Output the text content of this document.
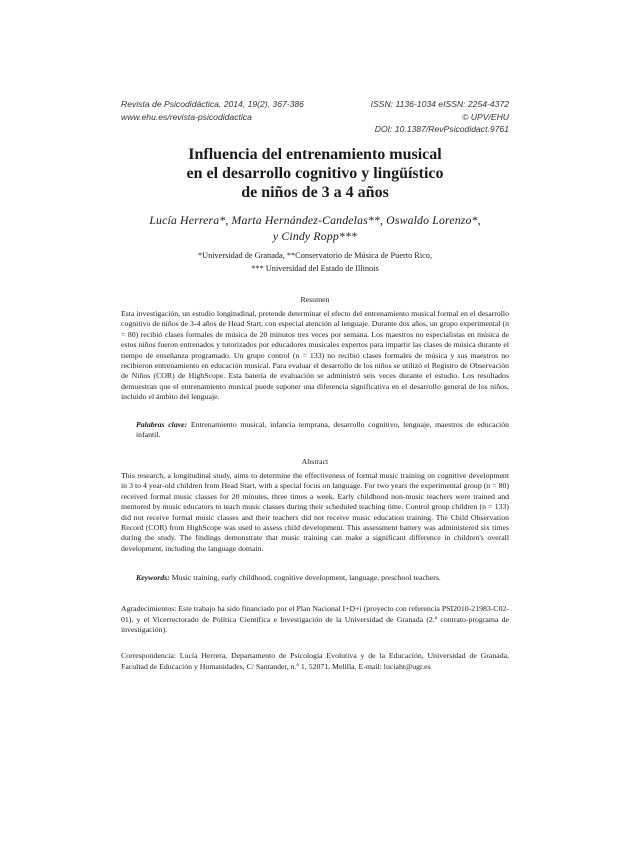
Revista de Psicodidáctica, 2014, 19(2), 367-386
www.ehu.es/revista-psicodidactica
ISSN: 1136-1034 eISSN: 2254-4372
© UPV/EHU
DOI: 10.1387/RevPsicodidact.9761
Influencia del entrenamiento musical
en el desarrollo cognitivo y lingüístico
de niños de 3 a 4 años
Lucía Herrera*, Marta Hernández-Candelas**, Oswaldo Lorenzo*,
y Cindy Ropp***
*Universidad de Granada, **Conservatorio de Música de Puerto Rico,
*** Universidad del Estado de Illinois
Resumen

Esta investigación, un estudio longitudinal, pretende determinar el efecto del entrenamiento musical formal en el desarrollo cognitivo de niños de 3-4 años de Head Start, con especial atención al lenguaje. Durante dos años, un grupo experimental (n = 80) recibió clases formales de música de 20 minutos tres veces por semana. Los maestros no especialistas en música de estos niños fueron entrenados y tutorizados por educadores musicales expertos para impartir las clases de música durante el tiempo de enseñanza programado. Un grupo control (n = 133) no recibió clases formales de música y sus maestros no recibieron entrenamiento en educación musical. Para evaluar el desarrollo de los niños se utilizó el Registro de Observación de Niños (COR) de HighScope. Esta batería de evaluación se administró seis veces durante el estudio. Los resultados demuestran que el entrenamiento musical puede suponer una diferencia significativa en el desarrollo general de los niños, incluido el ámbito del lenguaje.

Palabras clave: Entrenamiento musical, infancia temprana, desarrollo cognitivo, lenguaje, maestros de educación infantil.

Abstract

This research, a longitudinal study, aims to determine the effectiveness of formal music training on cognitive development in 3 to 4 year-old children from Head Start, with a special focus on language. For two years the experimental group (n = 80) received formal music classes for 20 minutes, three times a week. Early childhood non-music teachers were trained and mentored by music educators to teach music classes during their scheduled teaching time. Control group children (n = 133) did not receive formal music classes and their teachers did not receive music education training. The Child Observation Record (COR) from HighScope was used to assess child development. This assessment battery was administered six times during the study. The findings demonstrate that music training can make a significant difference in children's overall development, including the language domain.

Keywords: Music training, early childhood, cognitive development, language, preschool teachers.

Agradecimientos: Este trabajo ha sido financiado por el Plan Nacional I+D+i (proyecto con referencia PSI2010-21983-C02-01), y el Vicerrectorado de Política Científica e Investigación de la Universidad de Granada (2.º contrato-programa de investigación).

Correspondencia: Lucía Herrera, Departamento de Psicología Evolutiva y de la Educación, Universidad de Granada, Facultad de Educación y Humanidades, C/ Santander, n.º 1, 52071, Melilla. E-mail: luciaht@ugr.es
